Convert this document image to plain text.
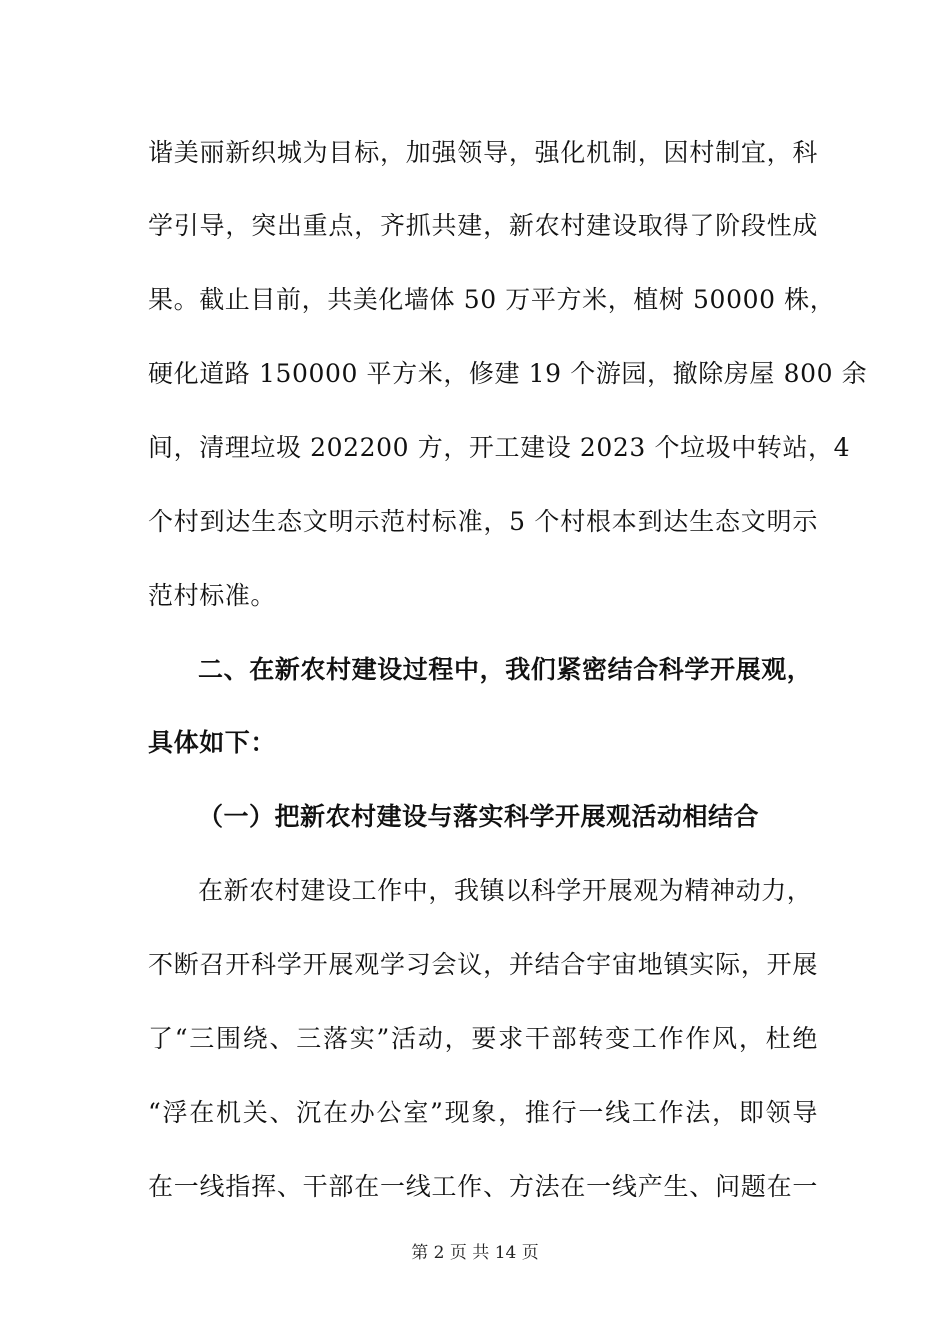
谐美丽新织城为目标，加强领导，强化机制，因村制宜，科
学引导，突出重点，齐抓共建，新农村建设取得了阶段性成
果。截止目前，共美化墙体 50 万平方米，植树 50000 株，
硬化道路 150000 平方米，修建 19 个游园，撤除房屋 800 余
间，清理垃圾 202200 方，开工建设 2023 个垃圾中转站，4
个村到达生态文明示范村标准，5 个村根本到达生态文明示
范村标准。
二、在新农村建设过程中，我们紧密结合科学开展观，
具体如下：
（一）把新农村建设与落实科学开展观活动相结合
在新农村建设工作中，我镇以科学开展观为精神动力，
不断召开科学开展观学习会议，并结合宇宙地镇实际，开展
了“三围绕、三落实”活动，要求干部转变工作作风，杜绝
“浮在机关、沉在办公室”现象，推行一线工作法，即领导
在一线指挥、干部在一线工作、方法在一线产生、问题在一
第 2 页 共 14 页
